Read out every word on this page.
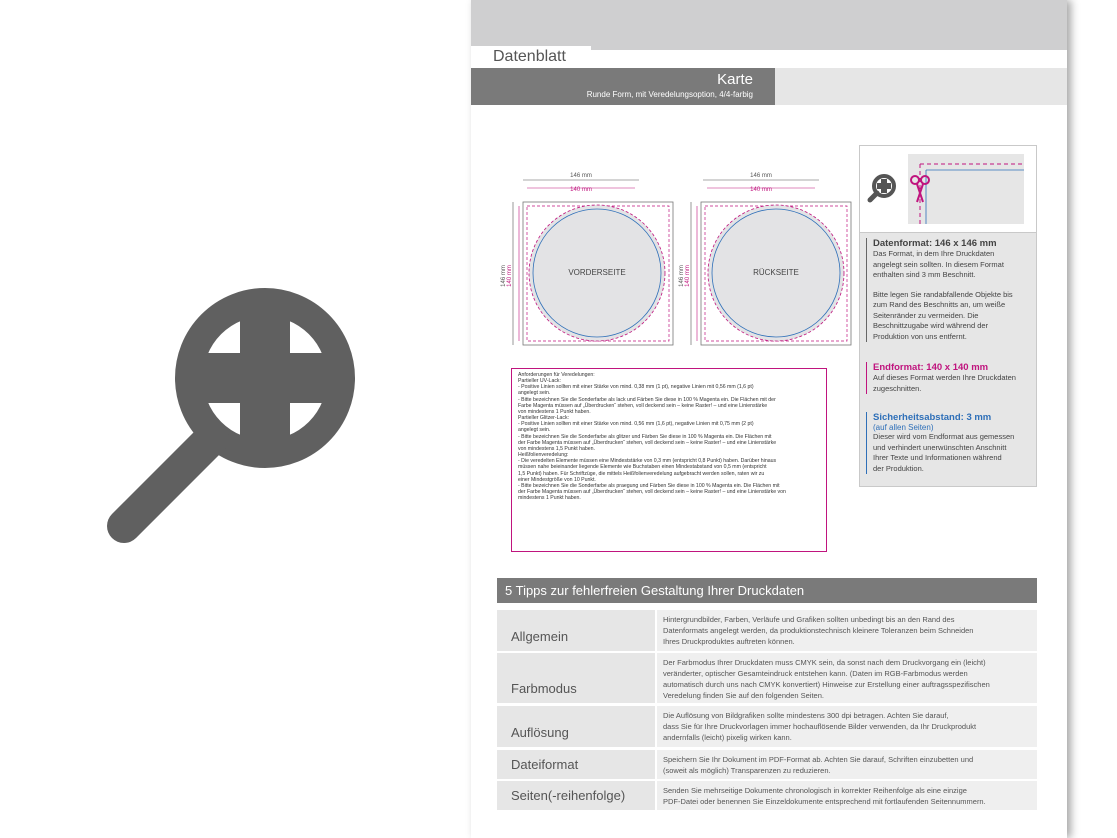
Datenblatt
Karte
Runde Form, mit Veredelungsoption, 4/4-farbig
146 mm
140 mm
VORDERSEITE
146 mm 140 mm
146 mm
140 mm
RÜCKSEITE
146 mm 140 mm
Datenformat: 146 x 146 mm
Das Format, in dem Ihre Druckdaten
angelegt sein sollten. In diesem Format
enthalten sind 3 mm Beschnitt.
Bitte legen Sie randabfallende Objekte bis
zum Rand des Beschnitts an, um weiße
Seitenränder zu vermeiden. Die
Beschnittzugabe wird während der
Produktion von uns entfernt.
Endformat: 140 x 140 mm
Auf dieses Format werden Ihre Druckdaten
zugeschnitten.
Sicherheitsabstand: 3 mm
(auf allen Seiten)
Dieser wird vom Endformat aus gemessen
und verhindert unerwünschten Anschnitt
Ihrer Texte und Informationen während
der Produktion.
Anforderungen für Veredelungen:
Partieller UV-Lack:
- Positive Linien sollten mit einer Stärke von mind. 0,38 mm (1 pt), negative Linien mit 0,56 mm (1,6 pt)
angelegt sein.
- Bitte bezeichnen Sie die Sonderfarbe als lack und Färben Sie diese in 100 % Magenta ein. Die Flächen mit der
Farbe Magenta müssen auf „Überdrucken“ stehen, voll deckend sein – keine Raster! – und eine Linienstärke
von mindestens 1 Punkt haben.
Partieller Glitzer-Lack:
- Positive Linien sollten mit einer Stärke von mind. 0,56 mm (1,6 pt), negative Linien mit 0,75 mm (2 pt)
angelegt sein.
- Bitte bezeichnen Sie die Sonderfarbe als glitzer und Färben Sie diese in 100 % Magenta ein. Die Flächen mit
der Farbe Magenta müssen auf „Überdrucken“ stehen, voll deckend sein – keine Raster! – und eine Linienstärke
von mindestens 1,5 Punkt haben.
Heißfolienveredelung:
- Die veredelten Elemente müssen eine Mindeststärke von 0,3 mm (entspricht 0,8 Punkt) haben. Darüber hinaus
müssen nahe beieinander liegende Elemente wie Buchstaben einen Mindestabstand von 0,5 mm (entspricht
1,5 Punkt) haben. Für Schriftzüge, die mittels Heißfolienveredelung aufgebracht werden sollen, raten wir zu
einer Mindestgröße von 10 Punkt.
- Bitte bezeichnen Sie die Sonderfarbe als praegung und Färben Sie diese in 100 % Magenta ein. Die Flächen mit
der Farbe Magenta müssen auf „Überdrucken“ stehen, voll deckend sein – keine Raster! – und eine Linienstärke von
mindestens 1 Punkt haben.
5 Tipps zur fehlerfreien Gestaltung Ihrer Druckdaten
Allgemein
Hintergrundbilder, Farben, Verläufe und Grafiken sollten unbedingt bis an den Rand des
Datenformats angelegt werden, da produktionstechnisch kleinere Toleranzen beim Schneiden
Ihres Druckproduktes auftreten können.
Farbmodus
Der Farbmodus Ihrer Druckdaten muss CMYK sein, da sonst nach dem Druckvorgang ein (leicht)
veränderter, optischer Gesamteindruck entstehen kann. (Daten im RGB-Farbmodus werden
automatisch durch uns nach CMYK konvertiert) Hinweise zur Erstellung einer auftragsspezifischen
Veredelung finden Sie auf den folgenden Seiten.
Auflösung
Die Auflösung von Bildgrafiken sollte mindestens 300 dpi betragen. Achten Sie darauf,
dass Sie für Ihre Druckvorlagen immer hochauflösende Bilder verwenden, da Ihr Druckprodukt
andernfalls (leicht) pixelig wirken kann.
Dateiformat	Speichern Sie Ihr Dokument im PDF-Format ab. Achten Sie darauf, Schriften einzubetten und
(soweit als möglich) Transparenzen zu reduzieren.
Seiten(-reihenfolge)	Senden Sie mehrseitige Dokumente chronologisch in korrekter Reihenfolge als eine einzige
PDF-Datei oder benennen Sie Einzeldokumente entsprechend mit fortlaufenden Seitennummern.
